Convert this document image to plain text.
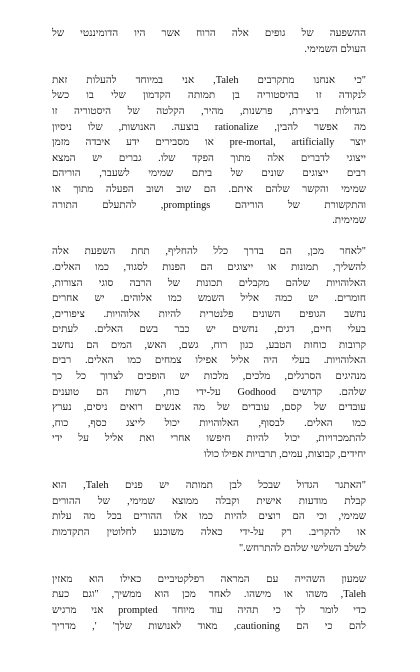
ההשפעה של גופים אלה הרוח אשר היו הדומיננטי של
העולם השמימי.
"כי אנחנו מתקרבים Taleh, אני במיוחד להעלות זאת
לנקודה זו בהיסטוריה בן תמותה הקדמון שלי בו כשל
הגדולות ביצירת, פרשנות, מהיר, הקלטה של היסטוריה זו
מה אפשר להבין, rationalize בוצעה. האנושות, שלו ניסיון
יוצר pre-mortal, artificially או מסבירים ידע איבדה מזמן
ייצוגי לדברים אלה מתוך הפקד שלו. גברים יש המצא
רבים ייצוגים שונים של ביתם שמימי לשעבר, הוריהם
שמימי והקשר שלהם איתם. הם שוב ושוב הפעלה מתוך או
והתקשורת של הוריהם promptings, להתעלם התורה
שמימית.
"לאחר מכן, הם בדרך כלל להחליף, תחת השפעת אלה
להשליך, תמונות או ייצוגים הם הפנות לסגוד, כמו האלים.
האלוהויות שלהם מקבלים תכונות של הרבה סוגי הצורות,
חומרים. יש כמה אליל השמש כמו אלוהים. יש אחרים
נחשב הגופים השונים פלנטרית להיות אלוהויות. ציפורים,
בעלי חיים, דגים, נחשים יש כבר בשם האלים. לעתים
קרובות כוחות הטבע, כגון רוח, גשם, האש, המים הם נחשב
האלוהויות. בעלי היה אליל אפילו צמחים כמו האלים. רבים
מנהיגים הסרגלים, מלכים, מלכות יש הופכים לצרוך כל כך
שלהם. קדושים Godhood על-ידי כוח, רשות הם טוענים
עובדים של קסם, עובדים של מה אנשים רואים ניסים, נערץ
כמו האלים. לבסוף, האלוהויות יכול לייצג כסף, כוח,
להתמכרויות, יכול להיות חיפשו אחרי ואת אליל על ידי
יחידים, קבוצות, עמים, תרבויות אפילו כולו
"האתגר הגדול שבכל לבן תמותה יש פנים Taleh, הוא
קבלת מודעות אישית וקבלה ממוצא שמימי, של ההורים
שמימי, וכי הם רוצים להיות כמו אלו ההורים בכל מה עלות
או להקריב. רק על-ידי כאלה משוכנע לחלוטין התקדמות
לשלב השלישי שלהם להתרחש."
שמעון השהייה עם המראה רפלקטיביים כאילו הוא מאזין
Taleh, משהו או מישהו. לאחר מכן הוא ממשיך, "וגם כעת
כדי לומר לך כי תהיה עוד מיוחד prompted אני מרגיש
להם כי הם cautioning, מאוד לאנושות שלך' ', מדריך
